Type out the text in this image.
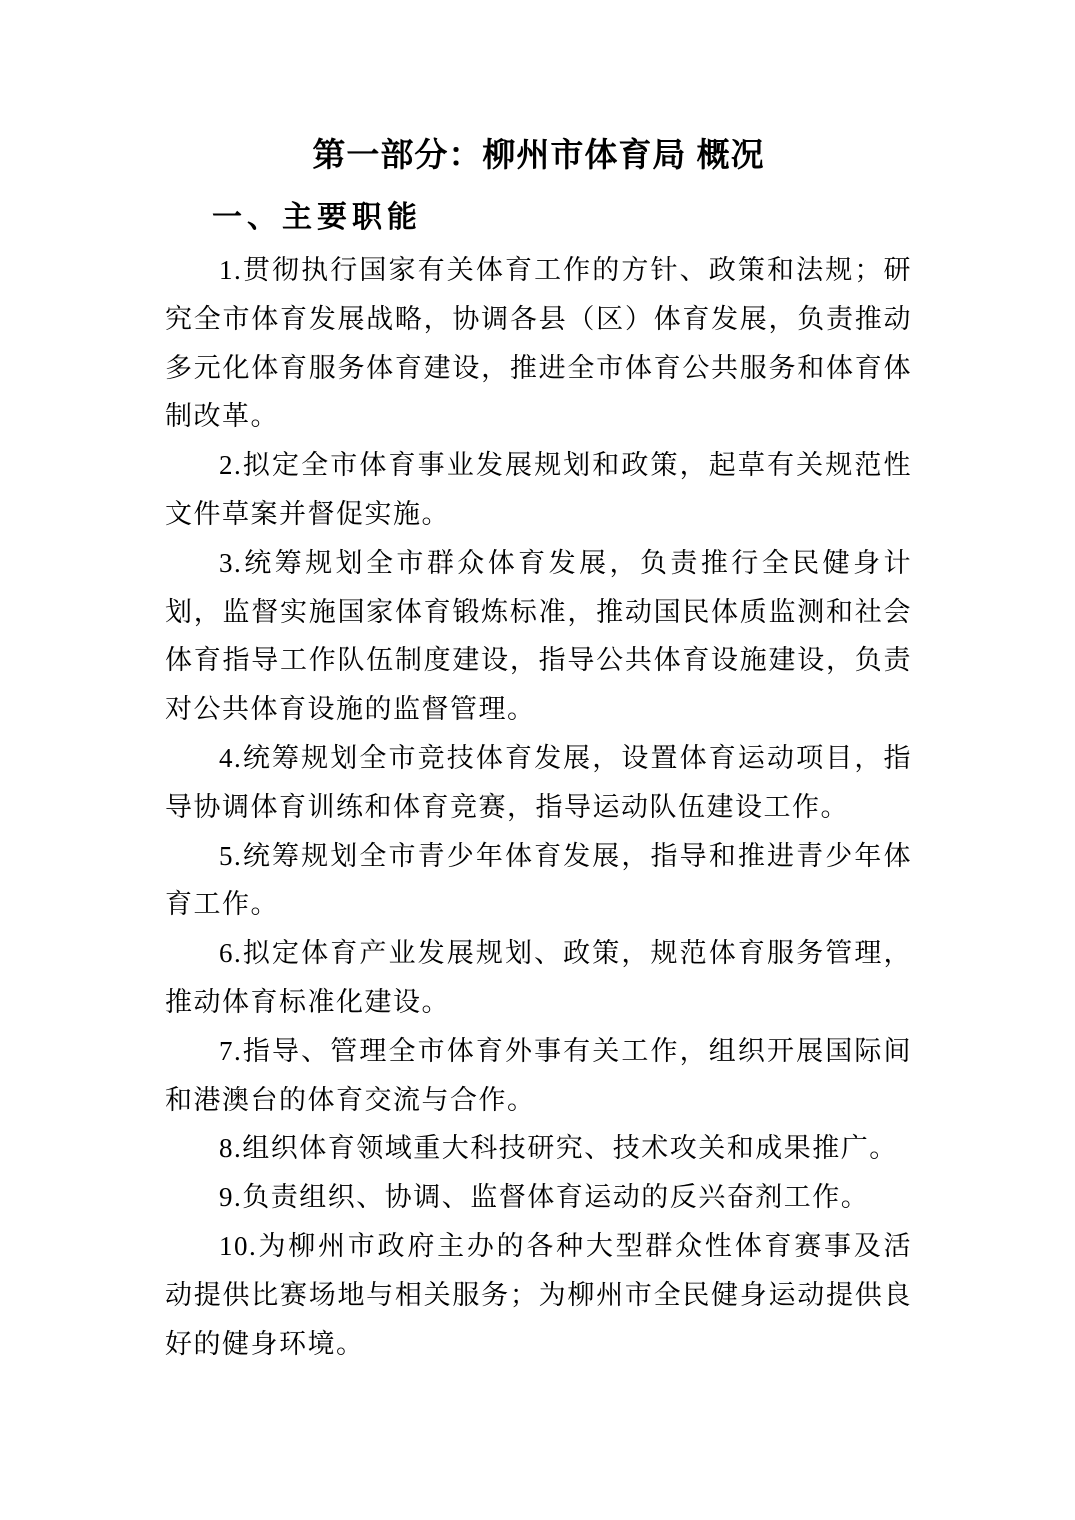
第一部分：柳州市体育局 概况
一、主要职能

1.贯彻执行国家有关体育工作的方针、政策和法规；研究全市体育发展战略，协调各县（区）体育发展，负责推动多元化体育服务体育建设，推进全市体育公共服务和体育体制改革。

2.拟定全市体育事业发展规划和政策，起草有关规范性文件草案并督促实施。

3.统筹规划全市群众体育发展，负责推行全民健身计划，监督实施国家体育锻炼标准，推动国民体质监测和社会体育指导工作队伍制度建设，指导公共体育设施建设，负责对公共体育设施的监督管理。

4.统筹规划全市竞技体育发展，设置体育运动项目，指导协调体育训练和体育竞赛，指导运动队伍建设工作。

5.统筹规划全市青少年体育发展，指导和推进青少年体育工作。

6.拟定体育产业发展规划、政策，规范体育服务管理，推动体育标准化建设。

7.指导、管理全市体育外事有关工作，组织开展国际间和港澳台的体育交流与合作。

8.组织体育领域重大科技研究、技术攻关和成果推广。

9.负责组织、协调、监督体育运动的反兴奋剂工作。

10.为柳州市政府主办的各种大型群众性体育赛事及活动提供比赛场地与相关服务；为柳州市全民健身运动提供良好的健身环境。
